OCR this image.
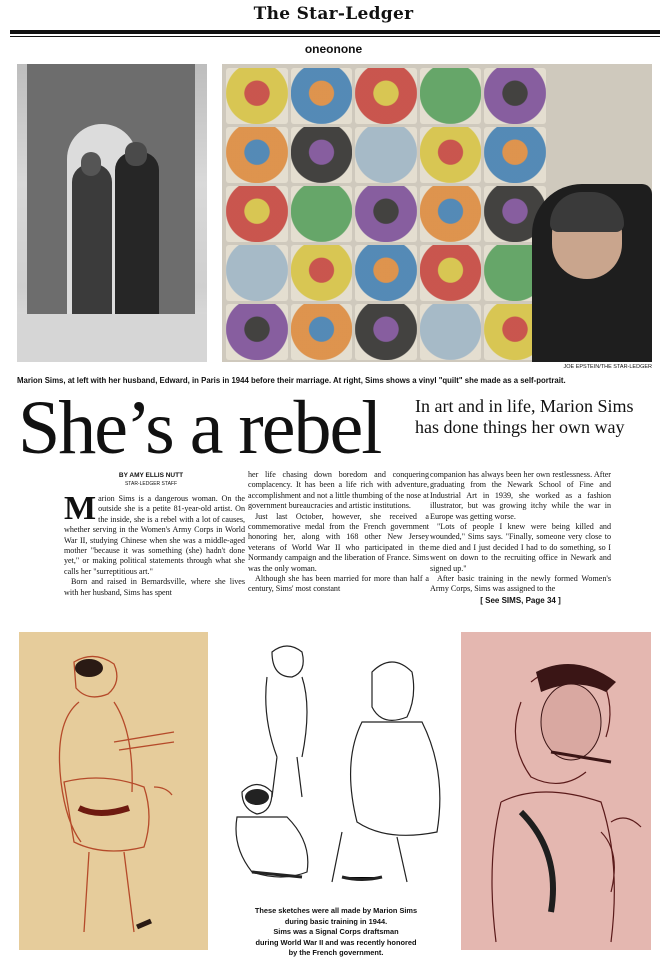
The Star-Ledger
oneonone
JOE EPSTEIN/THE STAR-LEDGER
Marion Sims, at left with her husband, Edward, in Paris in 1944 before their marriage. At right, Sims shows a vinyl "quilt" she made as a self-portrait.
She’s a rebel In art and in life, Marion Sims has done things her own way
BY AMY ELLIS NUTT
STAR-LEDGER STAFF

Marion Sims is a dangerous woman. On the outside she is a petite 81-year-old artist. On the inside, she is a rebel with a lot of causes, whether serving in the Women's Army Corps in World War II, studying Chinese when she was a middle-aged mother "because it was something (she) hadn't done yet," or making political statements through what she calls her "surreptitious art."

Born and raised in Bernardsville, where she lives with her husband, Sims has spent

her life chasing down boredom and conquering complacency. It has been a life rich with adventure, accomplishment and not a little thumbing of the nose at government bureaucracies and artistic institutions.

Just last October, however, she received a commemorative medal from the French government honoring her, along with 168 other New Jersey veterans of World War II who participated in the Normandy campaign and the liberation of France. Sims was the only woman.

Although she has been married for more than half a century, Sims' most constant

companion has always been her own restlessness. After graduating from the Newark School of Fine and Industrial Art in 1939, she worked as a fashion illustrator, but was growing itchy while the war in Europe was getting worse.

"Lots of people I knew were being killed and wounded," Sims says. "Finally, someone very close to me died and I just decided I had to do something, so I went on down to the recruiting office in Newark and signed up."

After basic training in the newly formed Women's Army Corps, Sims was assigned to the

[ See SIMS, Page 34 ]
These sketches were all made by Marion Sims
during basic training in 1944.
Sims was a Signal Corps draftsman
during World War II and was recently honored
by the French government.
